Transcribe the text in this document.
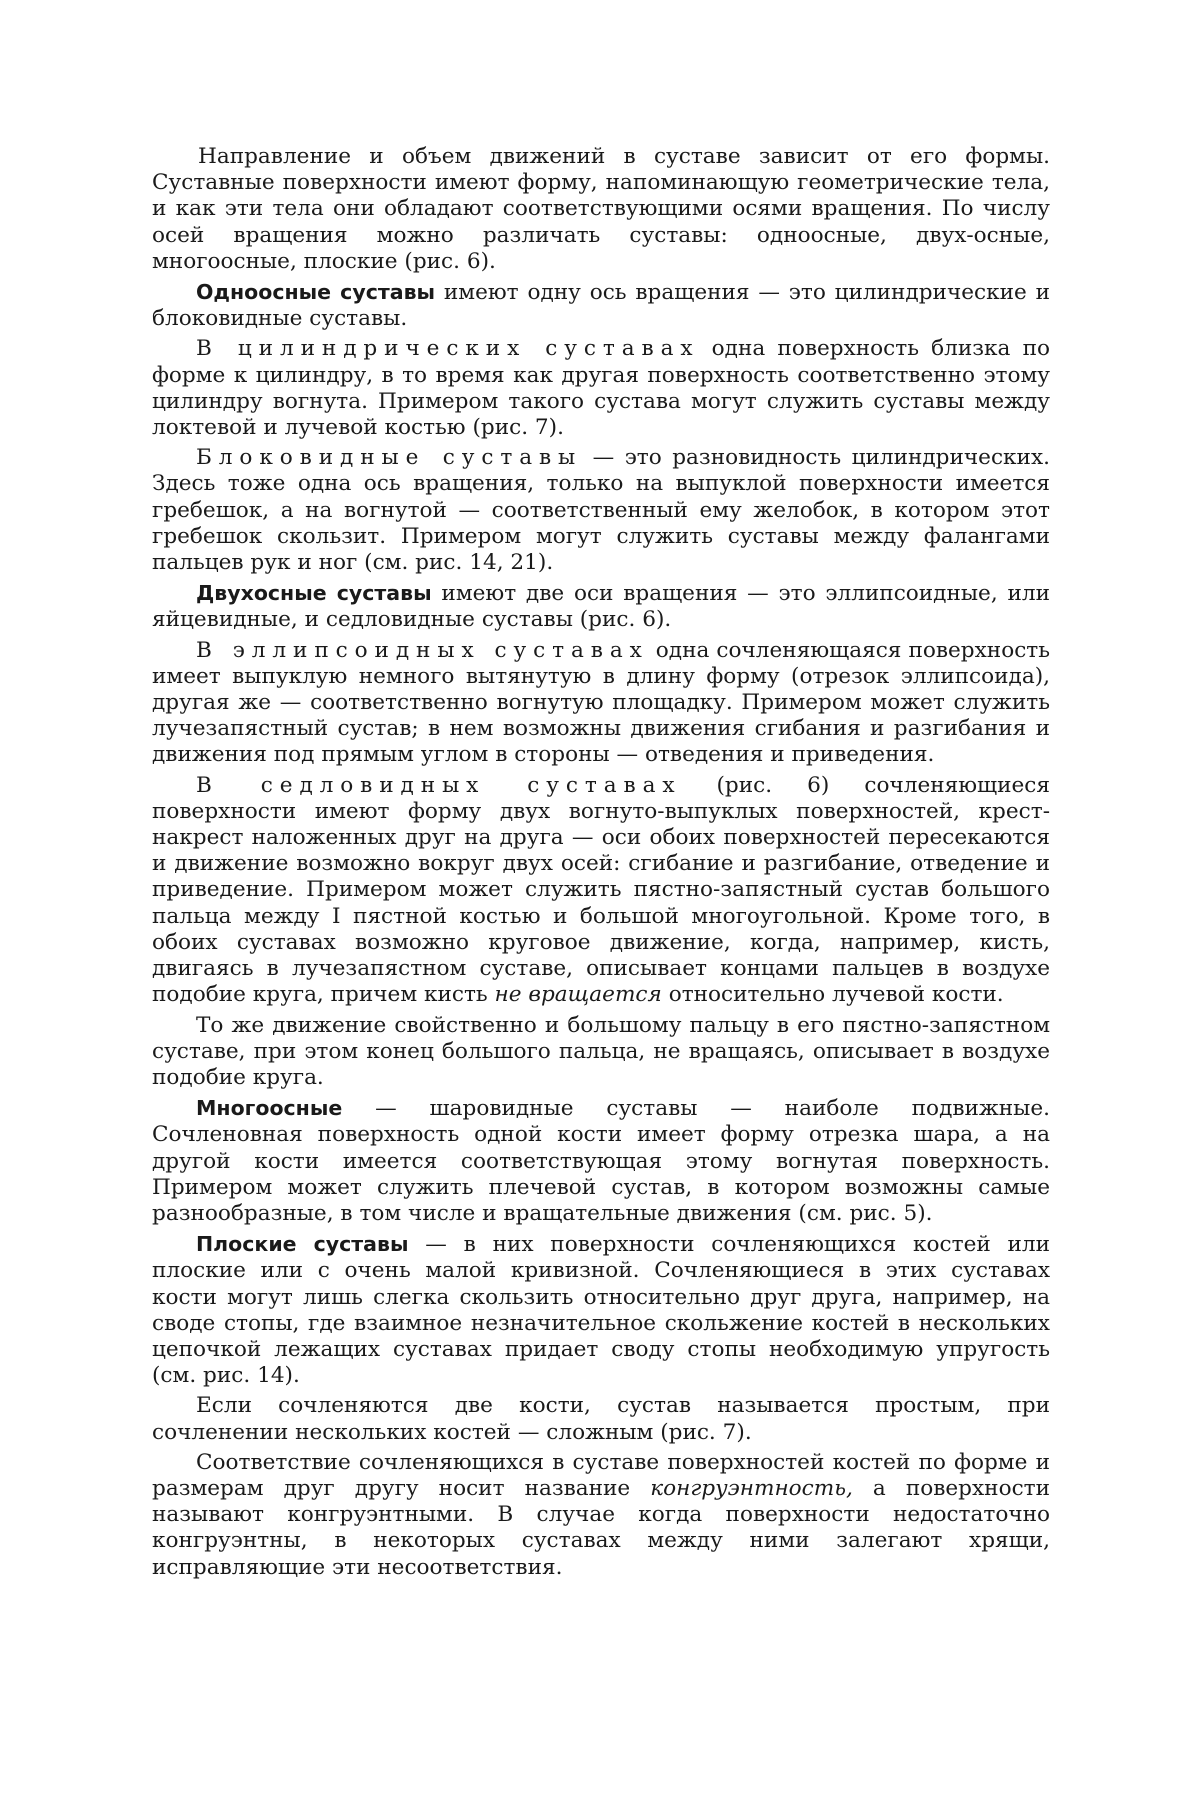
Направление и объем движений в суставе зависит от его формы. Суставные поверхности имеют форму, напоминающую геометрические тела, и как эти тела они обладают соответствующими осями вращения. По числу осей вращения можно различать суставы: одноосные, двух-осные, многоосные, плоские (рис. 6).

Одноосные суставы имеют одну ось вращения — это цилиндрические и блоковидные суставы.

В цилиндрических суставах одна поверхность близка по форме к цилиндру, в то время как другая поверхность соответственно этому цилиндру вогнута. Примером такого сустава могут служить суставы между локтевой и лучевой костью (рис. 7).

Блоковидные суставы — это разновидность цилиндрических. Здесь тоже одна ось вращения, только на выпуклой поверхности имеется гребешок, а на вогнутой — соответственный ему желобок, в котором этот гребешок скользит. Примером могут служить суставы между фалангами пальцев рук и ног (см. рис. 14, 21).

Двухосные суставы имеют две оси вращения — это эллипсоидные, или яйцевидные, и седловидные суставы (рис. 6).

В эллипсоидных суставах одна сочленяющаяся поверхность имеет выпуклую немного вытянутую в длину форму (отрезок эллипсоида), другая же — соответственно вогнутую площадку. Примером может служить лучезапястный сустав; в нем возможны движения сгибания и разгибания и движения под прямым углом в стороны — отведения и приведения.

В седловидных суставах (рис. 6) сочленяющиеся поверхности имеют форму двух вогнуто-выпуклых поверхностей, крест-накрест наложенных друг на друга — оси обоих поверхностей пересекаются и движение возможно вокруг двух осей: сгибание и разгибание, отведение и приведение. Примером может служить пястно-запястный сустав большого пальца между I пястной костью и большой многоугольной. Кроме того, в обоих суставах возможно круговое движение, когда, например, кисть, двигаясь в лучезапястном суставе, описывает концами пальцев в воздухе подобие круга, причем кисть не вращается относительно лучевой кости.

То же движение свойственно и большому пальцу в его пястно-запястном суставе, при этом конец большого пальца, не вращаясь, описывает в воздухе подобие круга.

Многоосные — шаровидные суставы — наиболе подвижные. Сочленовная поверхность одной кости имеет форму отрезка шара, а на другой кости имеется соответствующая этому вогнутая поверхность. Примером может служить плечевой сустав, в котором возможны самые разнообразные, в том числе и вращательные движения (см. рис. 5).

Плоские суставы — в них поверхности сочленяющихся костей или плоские или с очень малой кривизной. Сочленяющиеся в этих суставах кости могут лишь слегка скользить относительно друг друга, например, на своде стопы, где взаимное незначительное скольжение костей в нескольких цепочкой лежащих суставах придает своду стопы необходимую упругость (см. рис. 14).

Если сочленяются две кости, сустав называется простым, при сочленении нескольких костей — сложным (рис. 7).

Соответствие сочленяющихся в суставе поверхностей костей по форме и размерам друг другу носит название конгруэнтность, а поверхности называют конгруэнтными. В случае когда поверхности недостаточно конгруэнтны, в некоторых суставах между ними залегают хрящи, исправляющие эти несоответствия.
